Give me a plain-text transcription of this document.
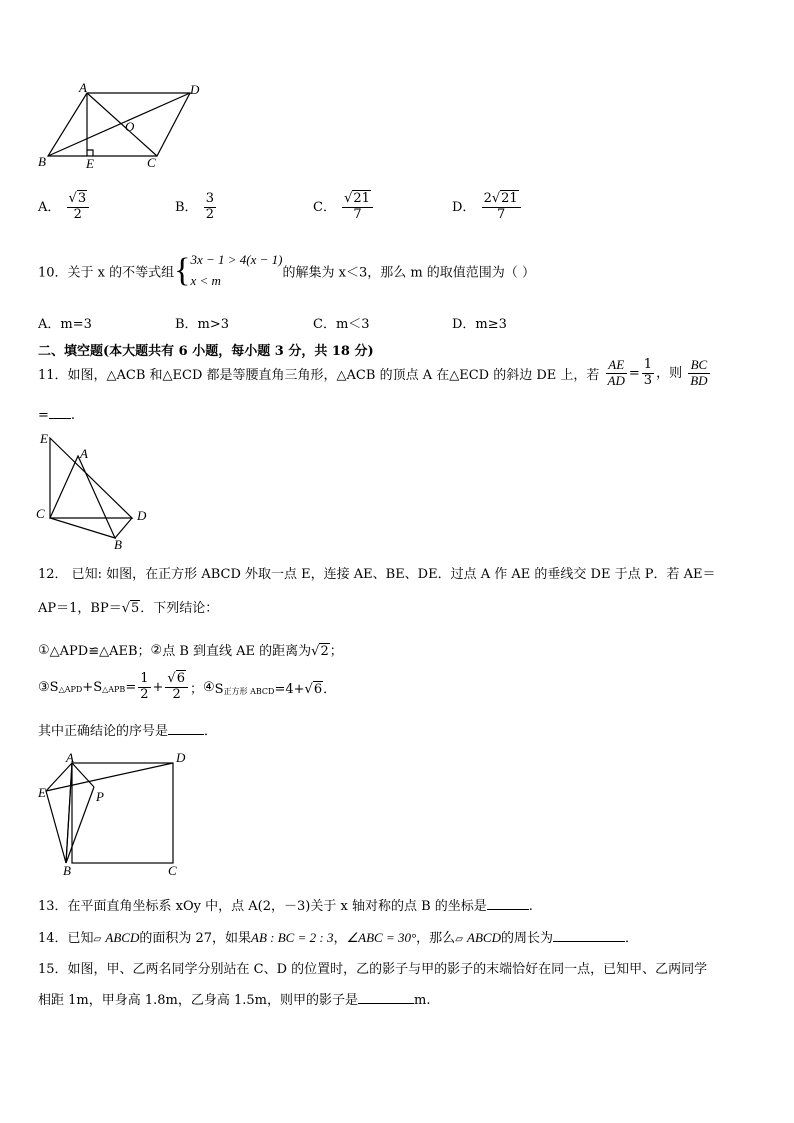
A	D
O
B	E	C
A． $\frac{√3}{2}$	B． $\frac{3}{2}$	C． $\frac{√21}{7}$	D． $\frac{2√21}{7}$
10．关于 x 的不等式组{ 3x − 1 > 4(x − 1)
x < m	的解集为 x＜3，那么 m 的取值范围为（ ）
A．m=3	B．m>3	C．m＜3	D．m≥3
二、填空题(本大题共有 6 小题，每小题 3 分，共 18 分)
11．如图，△ACB 和△ECD 都是等腰直角三角形，△ACB 的顶点 A 在△ECD 的斜边 DE 上，若 $\frac{AE}{AD} = \frac{1}{3}$ ，则 $\frac{BC}{BD}$
= .
E
A
C	D
B
12． 已知: 如图，在正方形 ABCD 外取一点 E，连接 AE、BE、DE．过点 A 作 AE 的垂线交 DE 于点 P．若 AE＝
AP＝1，BP＝√5．下列结论：
①△APD≌△AEB；②点 B 到直线 AE 的距离为√2；
③S△APD+S△APB= $\frac{1}{2} + \frac{√6}{2}$ ；④S正方形 ABCD=4+√6．
其中正确结论的序号是	．
A	D
E	P
B	C
13．在平面直角坐标系 xOy 中，点 A(2，－3)关于 x 轴对称的点 B 的坐标是	.
14．已知▱ ABCD的面积为 27，如果AB : BC = 2 : 3，∠ABC = 30°，那么▱ ABCD的周长为	．
15．如图，甲、乙两名同学分别站在 C、D 的位置时，乙的影子与甲的影子的末端恰好在同一点，已知甲、乙两同学
相距 1m，甲身高 1.8m，乙身高 1.5m，则甲的影子是	m.
